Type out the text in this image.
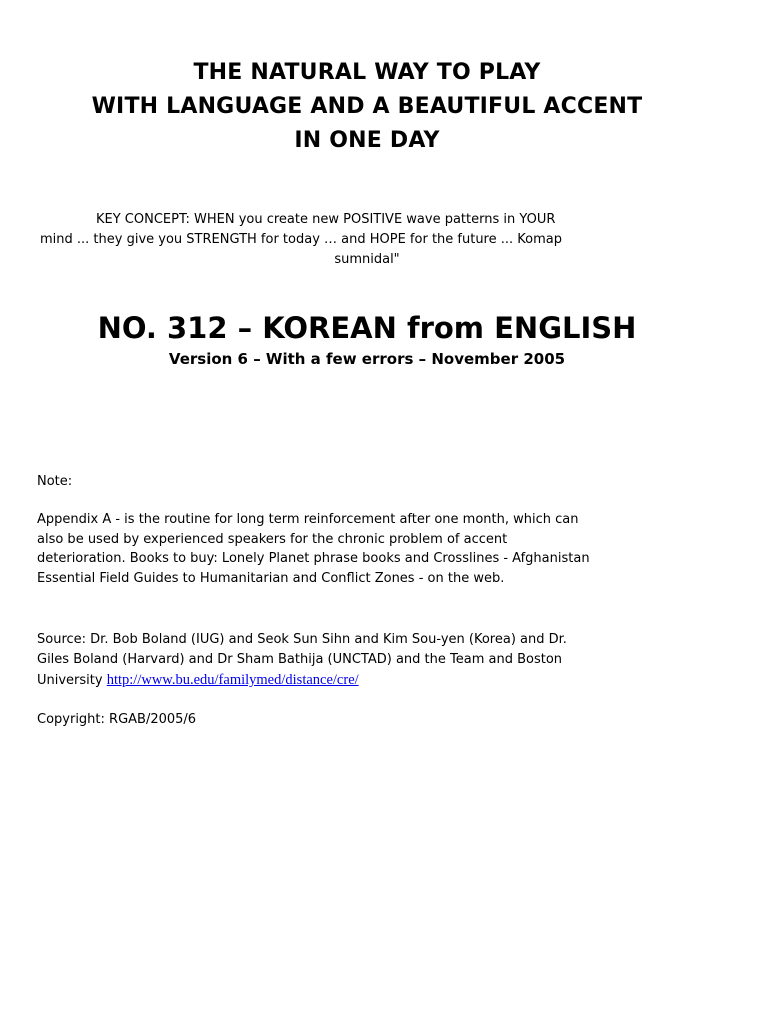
THE NATURAL WAY TO PLAY
WITH LANGUAGE AND A BEAUTIFUL ACCENT
IN ONE DAY
KEY CONCEPT: WHEN you create new POSITIVE wave patterns in YOUR
mind ... they give you STRENGTH for today … and HOPE for the future ... Komap
sumnidal"
NO. 312 – KOREAN from ENGLISH
Version 6 – With a few errors – November 2005
Note:
Appendix A - is the routine for long term reinforcement after one month, which can
also be used by experienced speakers for the chronic problem of accent
deterioration. Books to buy: Lonely Planet phrase books and Crosslines - Afghanistan
Essential Field Guides to Humanitarian and Conflict Zones - on the web.
Source: Dr. Bob Boland (IUG) and Seok Sun Sihn and Kim Sou-yen (Korea) and Dr.
Giles Boland (Harvard) and Dr Sham Bathija (UNCTAD) and the Team and Boston
University http://www.bu.edu/familymed/distance/cre/
Copyright: RGAB/2005/6
